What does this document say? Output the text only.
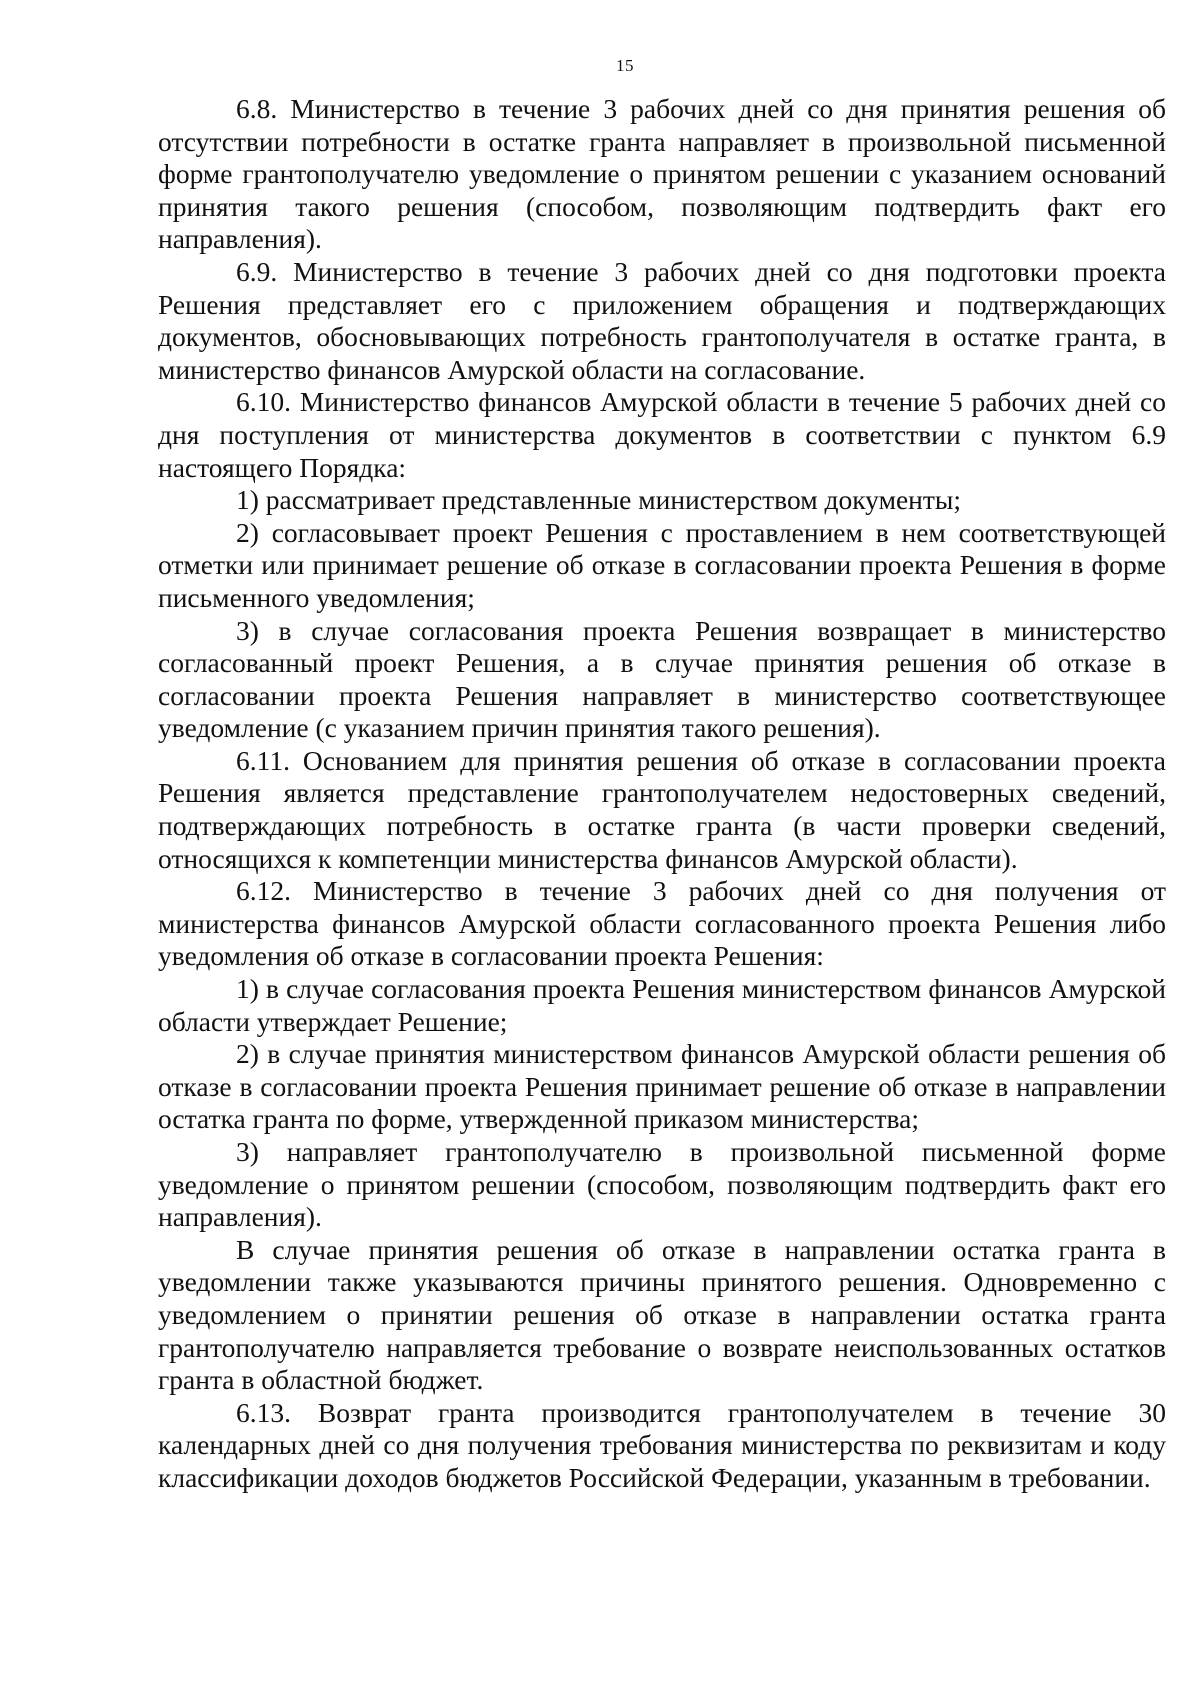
15

6.8. Министерство в течение 3 рабочих дней со дня принятия решения об отсутствии потребности в остатке гранта направляет в произвольной письменной форме грантополучателю уведомление о принятом решении с указанием оснований принятия такого решения (способом, позволяющим подтвердить факт его направления).

6.9. Министерство в течение 3 рабочих дней со дня подготовки проекта Решения представляет его с приложением обращения и подтверждающих документов, обосновывающих потребность грантополучателя в остатке гранта, в министерство финансов Амурской области на согласование.

6.10. Министерство финансов Амурской области в течение 5 рабочих дней со дня поступления от министерства документов в соответствии с пунктом 6.9 настоящего Порядка:

1) рассматривает представленные министерством документы;

2) согласовывает проект Решения с проставлением в нем соответствующей отметки или принимает решение об отказе в согласовании проекта Решения в форме письменного уведомления;

3) в случае согласования проекта Решения возвращает в министерство согласованный проект Решения, а в случае принятия решения об отказе в согласовании проекта Решения направляет в министерство соответствующее уведомление (с указанием причин принятия такого решения).

6.11. Основанием для принятия решения об отказе в согласовании проекта Решения является представление грантополучателем недостоверных сведений, подтверждающих потребность в остатке гранта (в части проверки сведений, относящихся к компетенции министерства финансов Амурской области).

6.12. Министерство в течение 3 рабочих дней со дня получения от министерства финансов Амурской области согласованного проекта Решения либо уведомления об отказе в согласовании проекта Решения:

1) в случае согласования проекта Решения министерством финансов Амурской области утверждает Решение;

2) в случае принятия министерством финансов Амурской области решения об отказе в согласовании проекта Решения принимает решение об отказе в направлении остатка гранта по форме, утвержденной приказом министерства;

3) направляет грантополучателю в произвольной письменной форме уведомление о принятом решении (способом, позволяющим подтвердить факт его направления).

В случае принятия решения об отказе в направлении остатка гранта в уведомлении также указываются причины принятого решения. Одновременно с уведомлением о принятии решения об отказе в направлении остатка гранта грантополучателю направляется требование о возврате неиспользованных остатков гранта в областной бюджет.

6.13. Возврат гранта производится грантополучателем в течение 30 календарных дней со дня получения требования министерства по реквизитам и коду классификации доходов бюджетов Российской Федерации, указанным в требовании.
